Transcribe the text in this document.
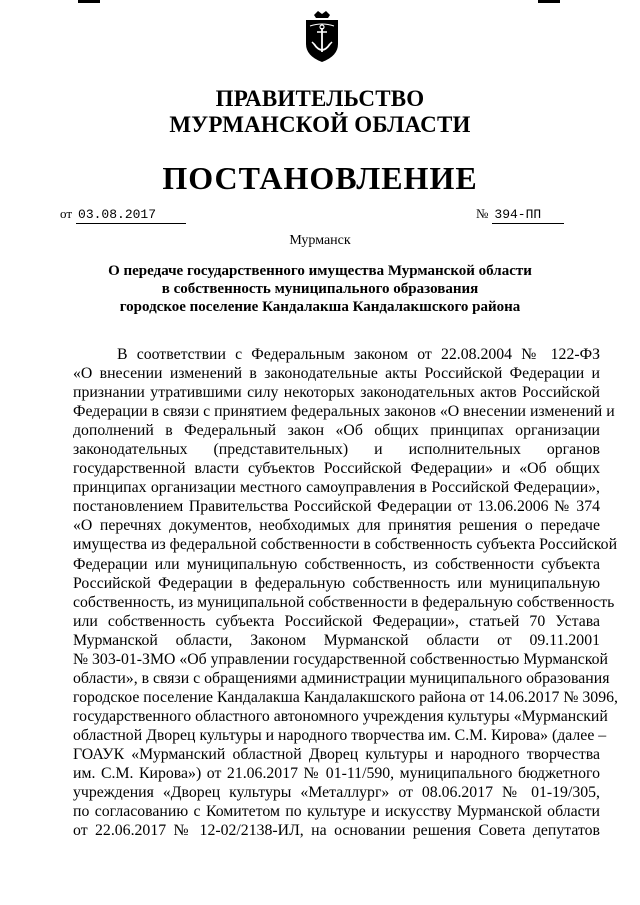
ПРАВИТЕЛЬСТВО
МУРМАНСКОЙ ОБЛАСТИ
ПОСТАНОВЛЕНИЕ
от 03.08.2017	№ 394-ПП
Мурманск
О передаче государственного имущества Мурманской области
в собственность муниципального образования
городское поселение Кандалакша Кандалакшского района
В соответствии с Федеральным законом от 22.08.2004 № 122-ФЗ
«О внесении изменений в законодательные акты Российской Федерации и
признании утратившими силу некоторых законодательных актов Российской
Федерации в связи с принятием федеральных законов «О внесении изменений и
дополнений в Федеральный закон «Об общих принципах организации
законодательных (представительных) и исполнительных органов
государственной власти субъектов Российской Федерации» и «Об общих
принципах организации местного самоуправления в Российской Федерации»,
постановлением Правительства Российской Федерации от 13.06.2006 № 374
«О перечнях документов, необходимых для принятия решения о передаче
имущества из федеральной собственности в собственность субъекта Российской
Федерации или муниципальную собственность, из собственности субъекта
Российской Федерации в федеральную собственность или муниципальную
собственность, из муниципальной собственности в федеральную собственность
или собственность субъекта Российской Федерации», статьей 70 Устава
Мурманской области, Законом Мурманской области от 09.11.2001
№ 303-01-ЗМО «Об управлении государственной собственностью Мурманской
области», в связи с обращениями администрации муниципального образования
городское поселение Кандалакша Кандалакшского района от 14.06.2017 № 3096,
государственного областного автономного учреждения культуры «Мурманский
областной Дворец культуры и народного творчества им. С.М. Кирова» (далее –
ГОАУК «Мурманский областной Дворец культуры и народного творчества
им. С.М. Кирова») от 21.06.2017 № 01-11/590, муниципального бюджетного
учреждения «Дворец культуры «Металлург» от 08.06.2017 № 01-19/305,
по согласованию с Комитетом по культуре и искусству Мурманской области
от 22.06.2017 № 12-02/2138-ИЛ, на основании решения Совета депутатов
